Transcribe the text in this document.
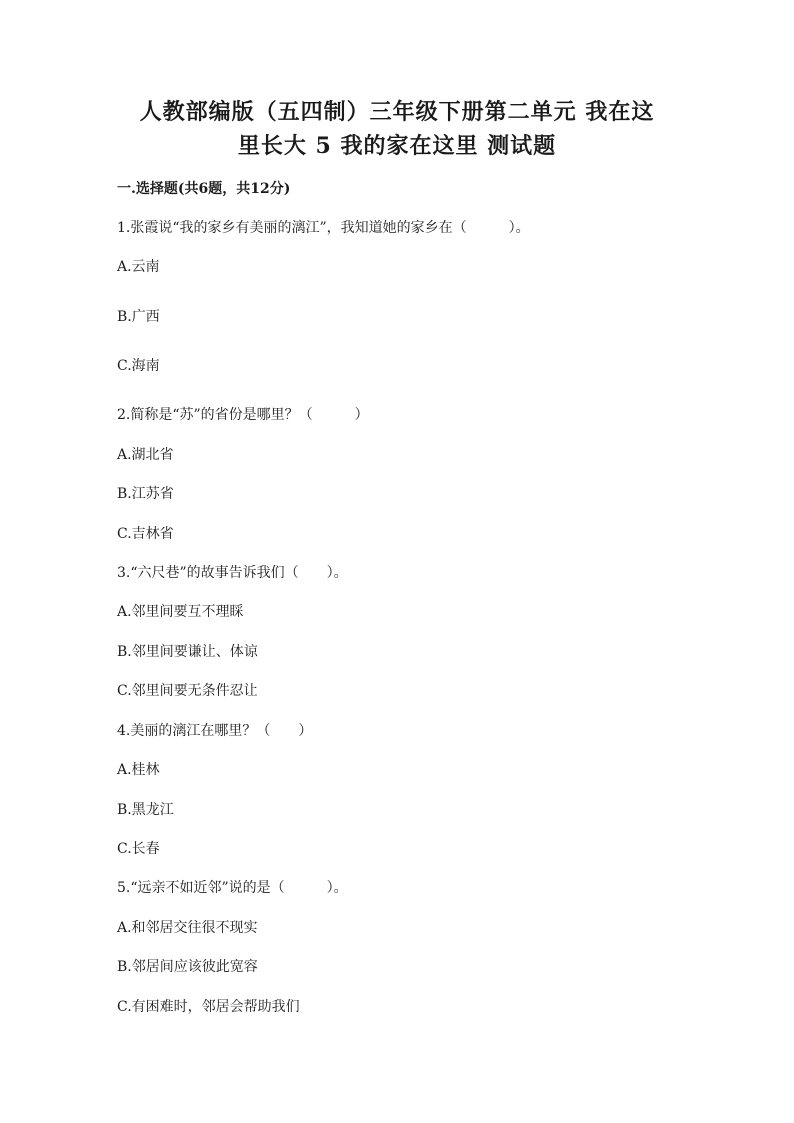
人教部编版（五四制）三年级下册第二单元 我在这
里长大 5 我的家在这里 测试题

一.选择题(共6题，共12分)

1.张霞说“我的家乡有美丽的漓江”，我知道她的家乡在（　　　）。

A.云南

B.广西

C.海南

2.简称是“苏”的省份是哪里？（　　　）

A.湖北省

B.江苏省

C.吉林省

3.“六尺巷”的故事告诉我们（　　）。

A.邻里间要互不理睬

B.邻里间要谦让、体谅

C.邻里间要无条件忍让

4.美丽的漓江在哪里？（　　）

A.桂林

B.黑龙江

C.长春

5.“远亲不如近邻”说的是（　　　）。

A.和邻居交往很不现实

B.邻居间应该彼此宽容

C.有困难时，邻居会帮助我们
